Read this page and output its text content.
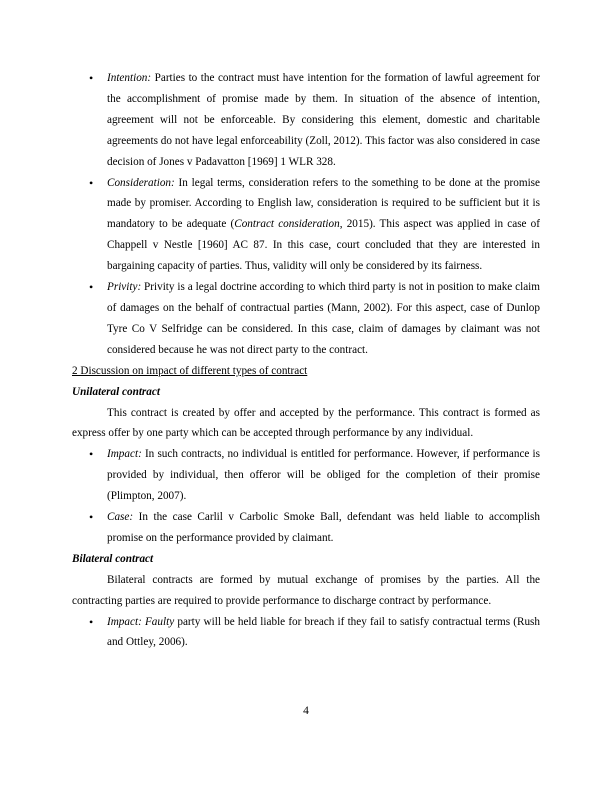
• Intention: Parties to the contract must have intention for the formation of lawful agreement for the accomplishment of promise made by them. In situation of the absence of intention, agreement will not be enforceable. By considering this element, domestic and charitable agreements do not have legal enforceability (Zoll, 2012). This factor was also considered in case decision of Jones v Padavatton [1969] 1 WLR 328.
• Consideration: In legal terms, consideration refers to the something to be done at the promise made by promiser. According to English law, consideration is required to be sufficient but it is mandatory to be adequate (Contract consideration, 2015). This aspect was applied in case of Chappell v Nestle [1960] AC 87. In this case, court concluded that they are interested in bargaining capacity of parties. Thus, validity will only be considered by its fairness.
• Privity: Privity is a legal doctrine according to which third party is not in position to make claim of damages on the behalf of contractual parties (Mann, 2002). For this aspect, case of Dunlop Tyre Co V Selfridge can be considered. In this case, claim of damages by claimant was not considered because he was not direct party to the contract.
2 Discussion on impact of different types of contract
Unilateral contract

This contract is created by offer and accepted by the performance. This contract is formed as express offer by one party which can be accepted through performance by any individual.

• Impact: In such contracts, no individual is entitled for performance. However, if performance is provided by individual, then offeror will be obliged for the completion of their promise (Plimpton, 2007).
• Case: In the case Carlil v Carbolic Smoke Ball, defendant was held liable to accomplish promise on the performance provided by claimant.
Bilateral contract

Bilateral contracts are formed by mutual exchange of promises by the parties. All the contracting parties are required to provide performance to discharge contract by performance.

• Impact: Faulty party will be held liable for breach if they fail to satisfy contractual terms (Rush and Ottley, 2006).
4
